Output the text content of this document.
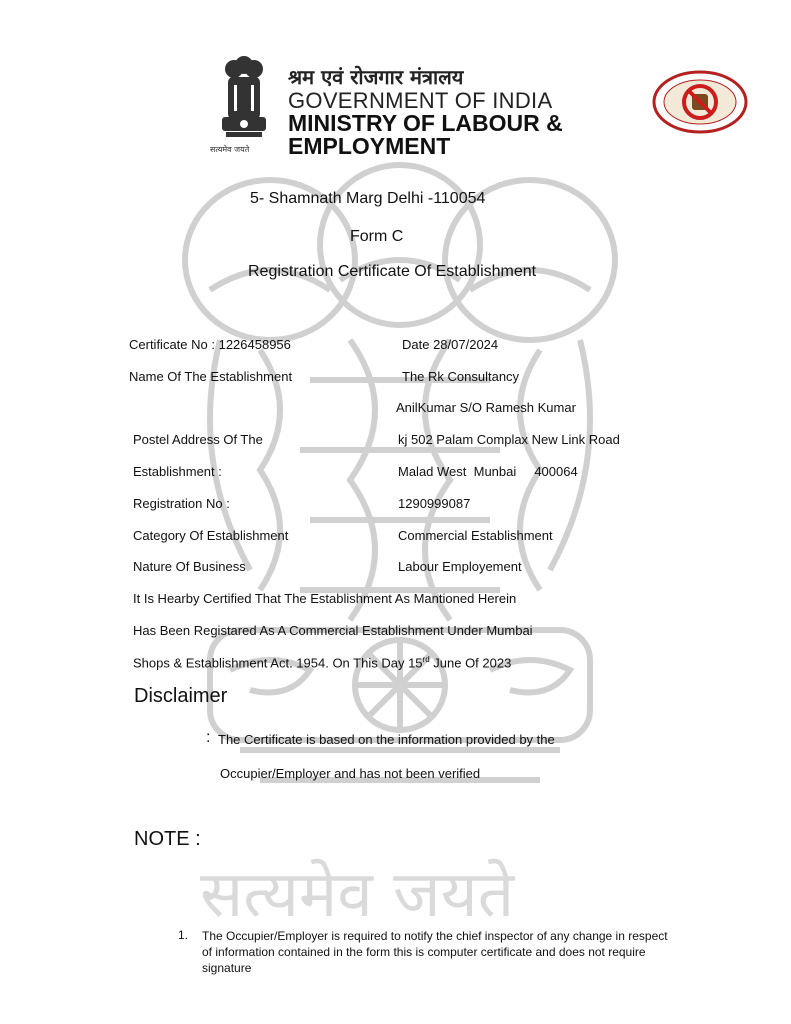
सत्यमेव जयते
श्रम एवं रोजगार मंत्रालय
GOVERNMENT OF INDIA
MINISTRY OF LABOUR &
EMPLOYMENT
5- Shamnath Marg Delhi -110054
Form C
Registration Certificate Of Establishment
Certificate No : 1226458956	Date 28/07/2024
Name Of The Establishment	The Rk Consultancy
AnilKumar S/O Ramesh Kumar
Postel Address Of The	kj 502 Palam Complax New Link Road
Establishment :	Malad West  Munbai     400064
Registration No :	1290999087
Category Of Establishment	Commercial Establishment
Nature Of Business	Labour Employement
It Is Hearby Certified That The Establishment As Mantioned Herein
Has Been Registared As A Commercial Establishment Under Mumbai
Shops & Establishment Act. 1954. On This Day 15rd June Of 2023
Disclaimer
: The Certificate is based on the information provided by the
Occupier/Employer and has not been verified
NOTE :
सत्यमेव जयते
1. The Occupier/Employer is required to notify the chief inspector of any change in respect of information contained in the form this is computer certificate and does not require signature
